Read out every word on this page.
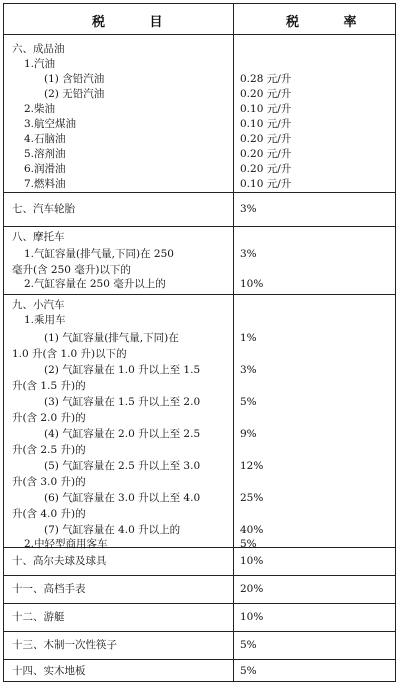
税 目	税 率
六、成品油
1.汽油
(1) 含铅汽油	0.28 元/升
(2) 无铅汽油	0.20 元/升
2.柴油	0.10 元/升
3.航空煤油	0.10 元/升
4.石脑油	0.20 元/升
5.溶剂油	0.20 元/升
6.润滑油	0.20 元/升
7.燃料油	0.10 元/升
七、汽车轮胎	3%
八、摩托车
1.气缸容量(排气量,下同)在 250	3%
毫升(含 250 毫升)以下的
2.气缸容量在 250 毫升以上的	10%
九、小汽车
1.乘用车
(1) 气缸容量(排气量,下同)在	1%
1.0 升(含 1.0 升)以下的
(2) 气缸容量在 1.0 升以上至 1.5	3%
升(含 1.5 升)的
(3) 气缸容量在 1.5 升以上至 2.0	5%
升(含 2.0 升)的
(4) 气缸容量在 2.0 升以上至 2.5	9%
升(含 2.5 升)的
(5) 气缸容量在 2.5 升以上至 3.0	12%
升(含 3.0 升)的
(6) 气缸容量在 3.0 升以上至 4.0	25%
升(含 4.0 升)的
(7) 气缸容量在 4.0 升以上的	40%
2.中轻型商用客车	5%
十、高尔夫球及球具	10%
十一、高档手表	20%
十二、游艇	10%
十三、木制一次性筷子	5%
十四、实木地板	5%
